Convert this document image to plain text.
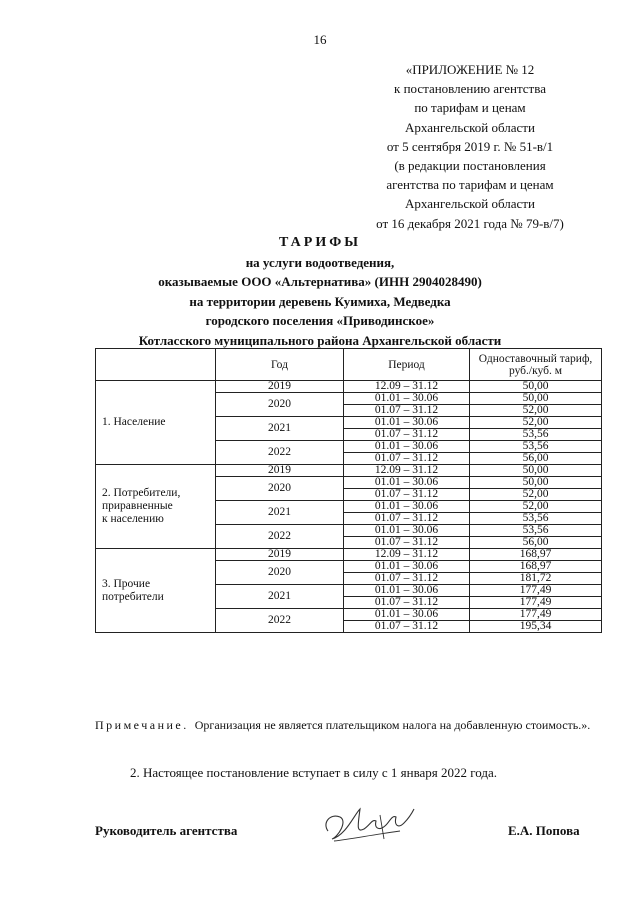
16
«ПРИЛОЖЕНИЕ № 12
к постановлению агентства
по тарифам и ценам
Архангельской области
от 5 сентября 2019 г. № 51-в/1
(в редакции постановления
агентства по тарифам и ценам
Архангельской области
от 16 декабря 2021 года № 79-в/7)
ТАРИФЫ
на услуги водоотведения,
оказываемые ООО «Альтернатива» (ИНН 2904028490)
на территории деревень Куимиха, Медведка
городского поселения «Приводинское»
Котласского муниципального района Архангельской области
	Год	Период	Одноставочный тариф, руб./куб. м

1. Население	2019	12.09 – 31.12	50,00
	2020	01.01 – 30.06	50,00
		01.07 – 31.12	52,00
	2021	01.01 – 30.06	52,00
		01.07 – 31.12	53,56
	2022	01.01 – 30.06	53,56
		01.07 – 31.12	56,00

2. Потребители,
приравненные
к населению	2019	12.09 – 31.12	50,00
	2020	01.01 – 30.06	50,00
		01.07 – 31.12	52,00
	2021	01.01 – 30.06	52,00
		01.07 – 31.12	53,56
	2022	01.01 – 30.06	53,56
		01.07 – 31.12	56,00

3. Прочие
потребители	2019	12.09 – 31.12	168,97
	2020	01.01 – 30.06	168,97
		01.07 – 31.12	181,72
	2021	01.01 – 30.06	177,49
		01.07 – 31.12	177,49
	2022	01.01 – 30.06	177,49
		01.07 – 31.12	195,34
Примечание. Организация не является плательщиком налога на добавленную стоимость.».
2. Настоящее постановление вступает в силу с 1 января 2022 года.
Руководитель агентства	Е.А. Попова
